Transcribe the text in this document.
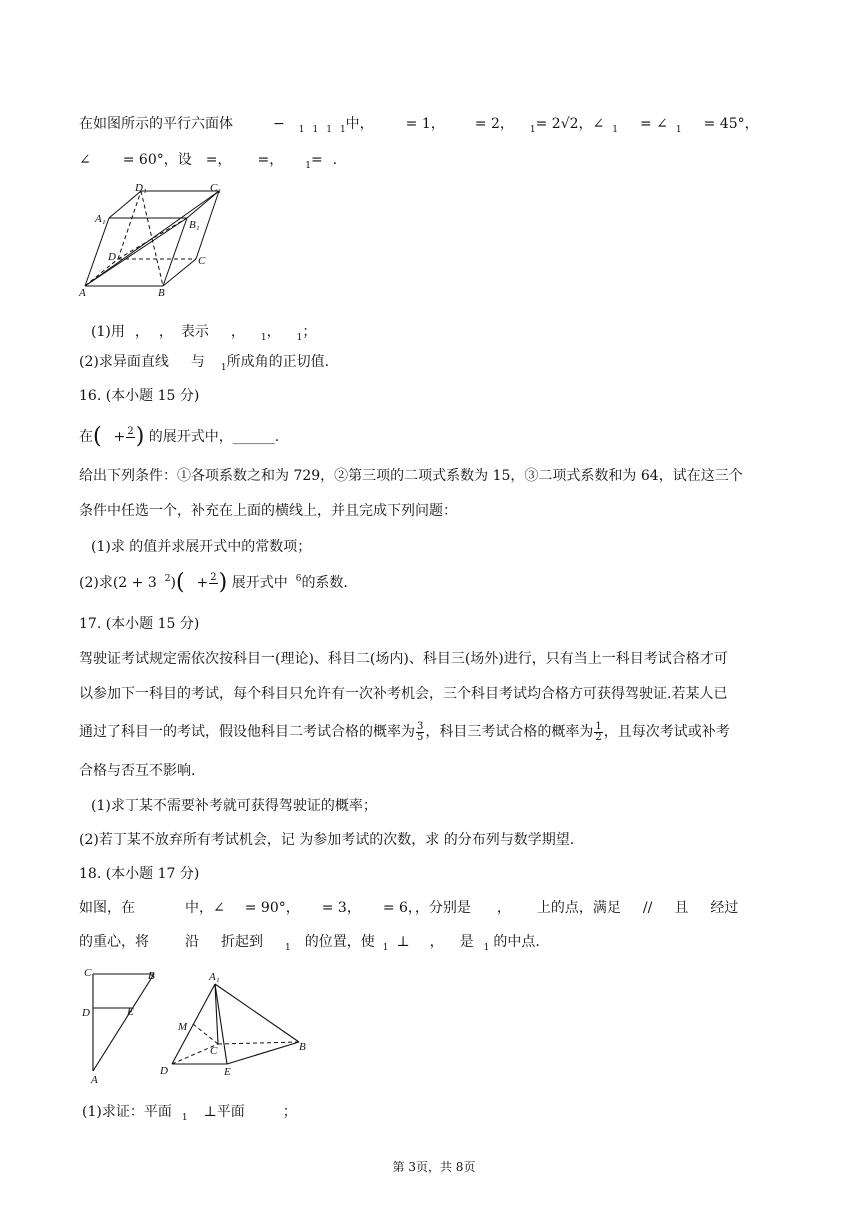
在如图所示的平行六面体	− $_1$ $_1$ $_1$ $_1$中， = 1， = 2， $_1$= 2√2，∠ $_1$ = ∠ $_1$ = 45°，
∠ = 60°，设 =， =， $_1$= .
D₁	C₁
A₁	B₁
D	C
A	B
(1)用 ， ， 表示 ， $_1$， $_1$；
(2)求异面直线 与 $_1$所成角的正切值.
16. (本小题 15 分)
在( + 2
) 的展开式中，______.
给出下列条件：①各项系数之和为 729，②第三项的二项式系数为 15，③二项式系数和为 64，试在这三个
条件中任选一个，补充在上面的横线上，并且完成下列问题：
(1)求 的值并求展开式中的常数项；
(2)求(2 + 3 $^2$)( + 2
) 展开式中 $^6$的系数.
17. (本小题 15 分)
驾驶证考试规定需依次按科目一(理论)、科目二(场内)、科目三(场外)进行，只有当上一科目考试合格才可
以参加下一科目的考试，每个科目只允许有一次补考机会，三个科目考试均合格方可获得驾驶证.若某人已
通过了科目一的考试，假设他科目二考试合格的概率为 $\frac{3}{5}$ ，科目三考试合格的概率为 $\frac{1}{2}$ ，且每次考试或补考
合格与否互不影响.
(1)求丁某不需要补考就可获得驾驶证的概率；
(2)若丁某不放弃所有考试机会，记 为参加考试的次数，求 的分布列与数学期望.
18. (本小题 17 分)
如图，在	中，∠ = 90°， = 3， = 6，，分别是 ， 上的点，满足 // 且 经过
的重心，将	沿 折起到 $_1$ 的位置，使 $_1$ ⊥ ， 是 $_1$ 的中点.
C	B
D	E
A
A₁
M
C	B
D	E
(1)求证：平面 $_1$ ⊥平面	；
第 3页，共 8页
